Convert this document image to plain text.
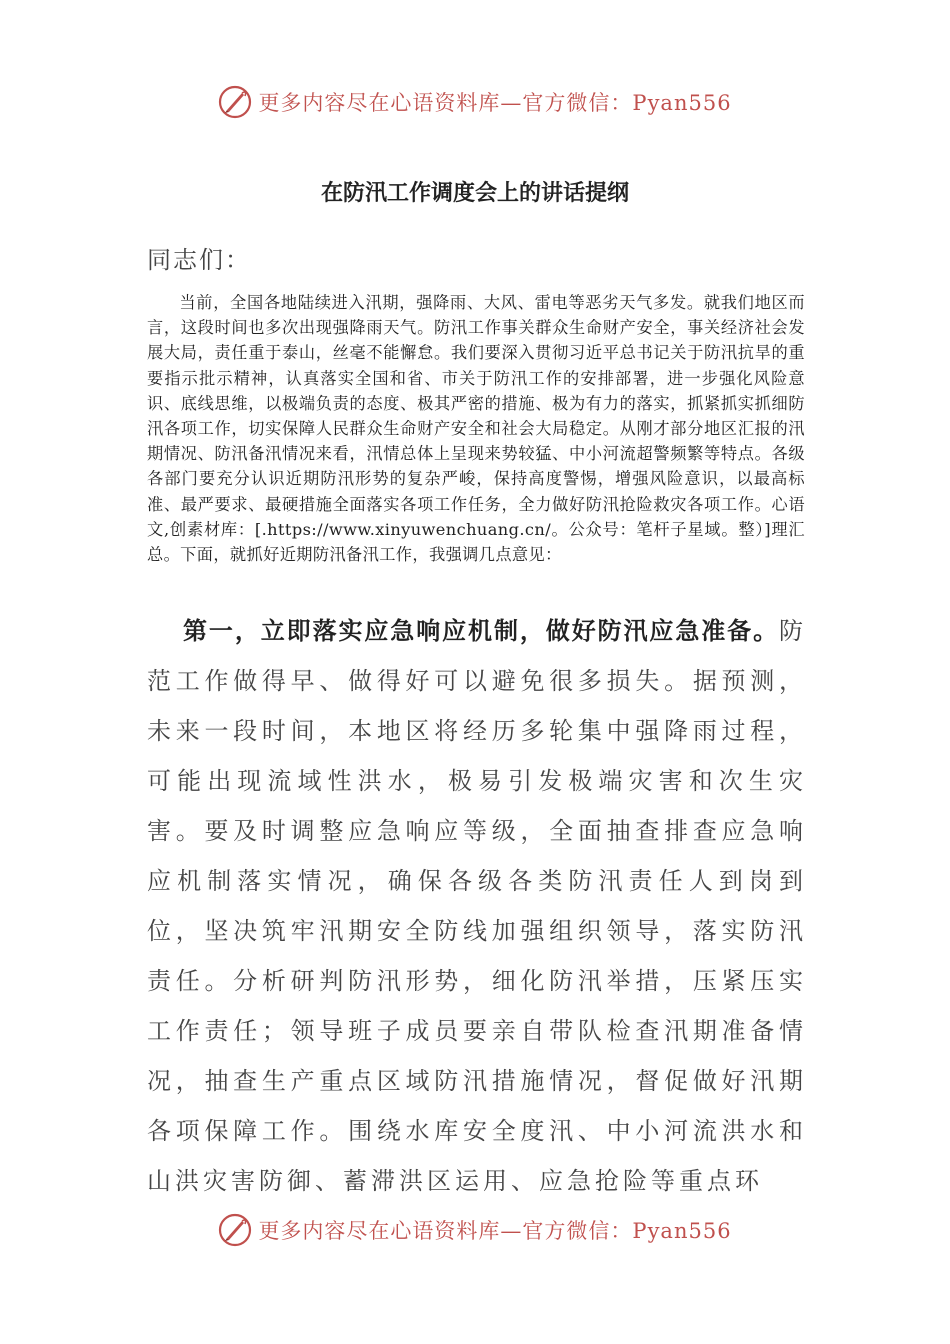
更多内容尽在心语资料库—官方微信：Pyan556
在防汛工作调度会上的讲话提纲
同志们：

当前，全国各地陆续进入汛期，强降雨、大风、雷电等恶劣天气多发。就我们地区而言，这段时间也多次出现强降雨天气。防汛工作事关群众生命财产安全，事关经济社会发展大局，责任重于泰山，丝毫不能懈怠。我们要深入贯彻习近平总书记关于防汛抗旱的重要指示批示精神，认真落实全国和省、市关于防汛工作的安排部署，进一步强化风险意识、底线思维，以极端负责的态度、极其严密的措施、极为有力的落实，抓紧抓实抓细防汛各项工作，切实保障人民群众生命财产安全和社会大局稳定。从刚才部分地区汇报的汛期情况、防汛备汛情况来看，汛情总体上呈现来势较猛、中小河流超警频繁等特点。各级各部门要充分认识近期防汛形势的复杂严峻，保持高度警惕，增强风险意识，以最高标准、最严要求、最硬措施全面落实各项工作任务，全力做好防汛抢险救灾各项工作。心语文,创素材库：[.https://www.xinyuwenchuang.cn/。公众号：笔杆子星域。整）]理汇总。下面，就抓好近期防汛备汛工作，我强调几点意见：

第一，立即落实应急响应机制，做好防汛应急准备。防范工作做得早、做得好可以避免很多损失。据预测，未来一段时间，本地区将经历多轮集中强降雨过程，可能出现流域性洪水，极易引发极端灾害和次生灾害。要及时调整应急响应等级，全面抽查排查应急响应机制落实情况，确保各级各类防汛责任人到岗到位，坚决筑牢汛期安全防线加强组织领导，落实防汛责任。分析研判防汛形势，细化防汛举措，压紧压实工作责任；领导班子成员要亲自带队检查汛期准备情况，抽查生产重点区域防汛措施情况，督促做好汛期各项保障工作。围绕水库安全度汛、中小河流洪水和山洪灾害防御、蓄滞洪区运用、应急抢险等重点环

更多内容尽在心语资料库—官方微信：Pyan556
